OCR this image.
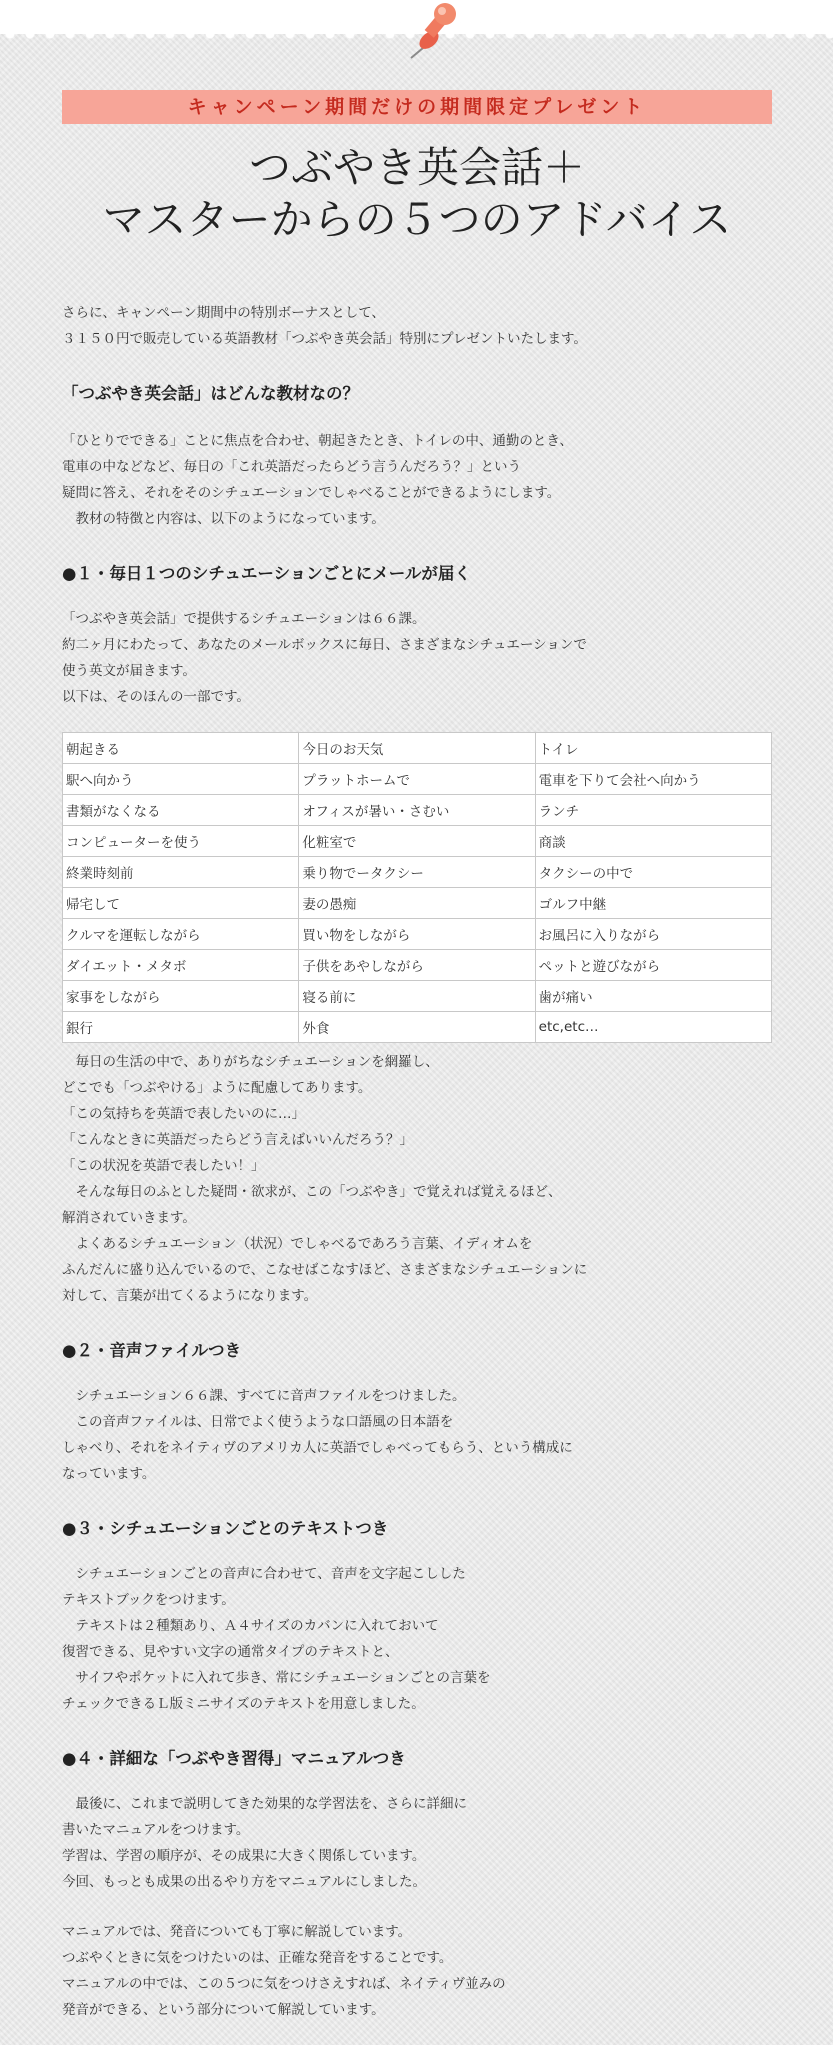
キャンペーン期間だけの期間限定プレゼント
つぶやき英会話＋
マスターからの５つのアドバイス

さらに、キャンペーン期間中の特別ボーナスとして、

３１５０円で販売している英語教材「つぶやき英会話」特別にプレゼントいたします。

「つぶやき英会話」はどんな教材なの？

「ひとりでできる」ことに焦点を合わせ、朝起きたとき、トイレの中、通勤のとき、

電車の中などなど、毎日の「これ英語だったらどう言うんだろう？」という

疑問に答え、それをそのシチュエーションでしゃべることができるようにします。

　教材の特徴と内容は、以下のようになっています。

●１・毎日１つのシチュエーションごとにメールが届く

「つぶやき英会話」で提供するシチュエーションは６６課。

約二ヶ月にわたって、あなたのメールボックスに毎日、さまざまなシチュエーションで

使う英文が届きます。

以下は、そのほんの一部です。

朝起きる	今日のお天気	トイレ
駅へ向かう	プラットホームで	電車を下りて会社へ向かう
書類がなくなる	オフィスが暑い・さむい	ランチ
コンピューターを使う	化粧室で	商談
終業時刻前	乗り物でータクシー	タクシーの中で
帰宅して	妻の愚痴	ゴルフ中継
クルマを運転しながら	買い物をしながら	お風呂に入りながら
ダイエット・メタボ	子供をあやしながら	ペットと遊びながら
家事をしながら	寝る前に	歯が痛い
銀行	外食	etc,etc…

　毎日の生活の中で、ありがちなシチュエーションを網羅し、

どこでも「つぶやける」ように配慮してあります。

「この気持ちを英語で表したいのに…」

「こんなときに英語だったらどう言えばいいんだろう？」

「この状況を英語で表したい！」

　そんな毎日のふとした疑問・欲求が、この「つぶやき」で覚えれば覚えるほど、

解消されていきます。

　よくあるシチュエーション（状況）でしゃべるであろう言葉、イディオムを

ふんだんに盛り込んでいるので、こなせばこなすほど、さまざまなシチュエーションに

対して、言葉が出てくるようになります。

●２・音声ファイルつき

　シチュエーション６６課、すべてに音声ファイルをつけました。

　この音声ファイルは、日常でよく使うような口語風の日本語を

しゃべり、それをネイティヴのアメリカ人に英語でしゃべってもらう、という構成に

なっています。

●３・シチュエーションごとのテキストつき

　シチュエーションごとの音声に合わせて、音声を文字起こしした

テキストブックをつけます。

　テキストは２種類あり、Ａ４サイズのカバンに入れておいて

復習できる、見やすい文字の通常タイプのテキストと、

　サイフやポケットに入れて歩き、常にシチュエーションごとの言葉を

チェックできるＬ版ミニサイズのテキストを用意しました。

●４・詳細な「つぶやき習得」マニュアルつき

　最後に、これまで説明してきた効果的な学習法を、さらに詳細に

書いたマニュアルをつけます。

学習は、学習の順序が、その成果に大きく関係しています。

今回、もっとも成果の出るやり方をマニュアルにしました。

マニュアルでは、発音についても丁寧に解説しています。

つぶやくときに気をつけたいのは、正確な発音をすることです。

マニュアルの中では、この５つに気をつけさえすれば、ネイティヴ並みの

発音ができる、という部分について解説しています。
